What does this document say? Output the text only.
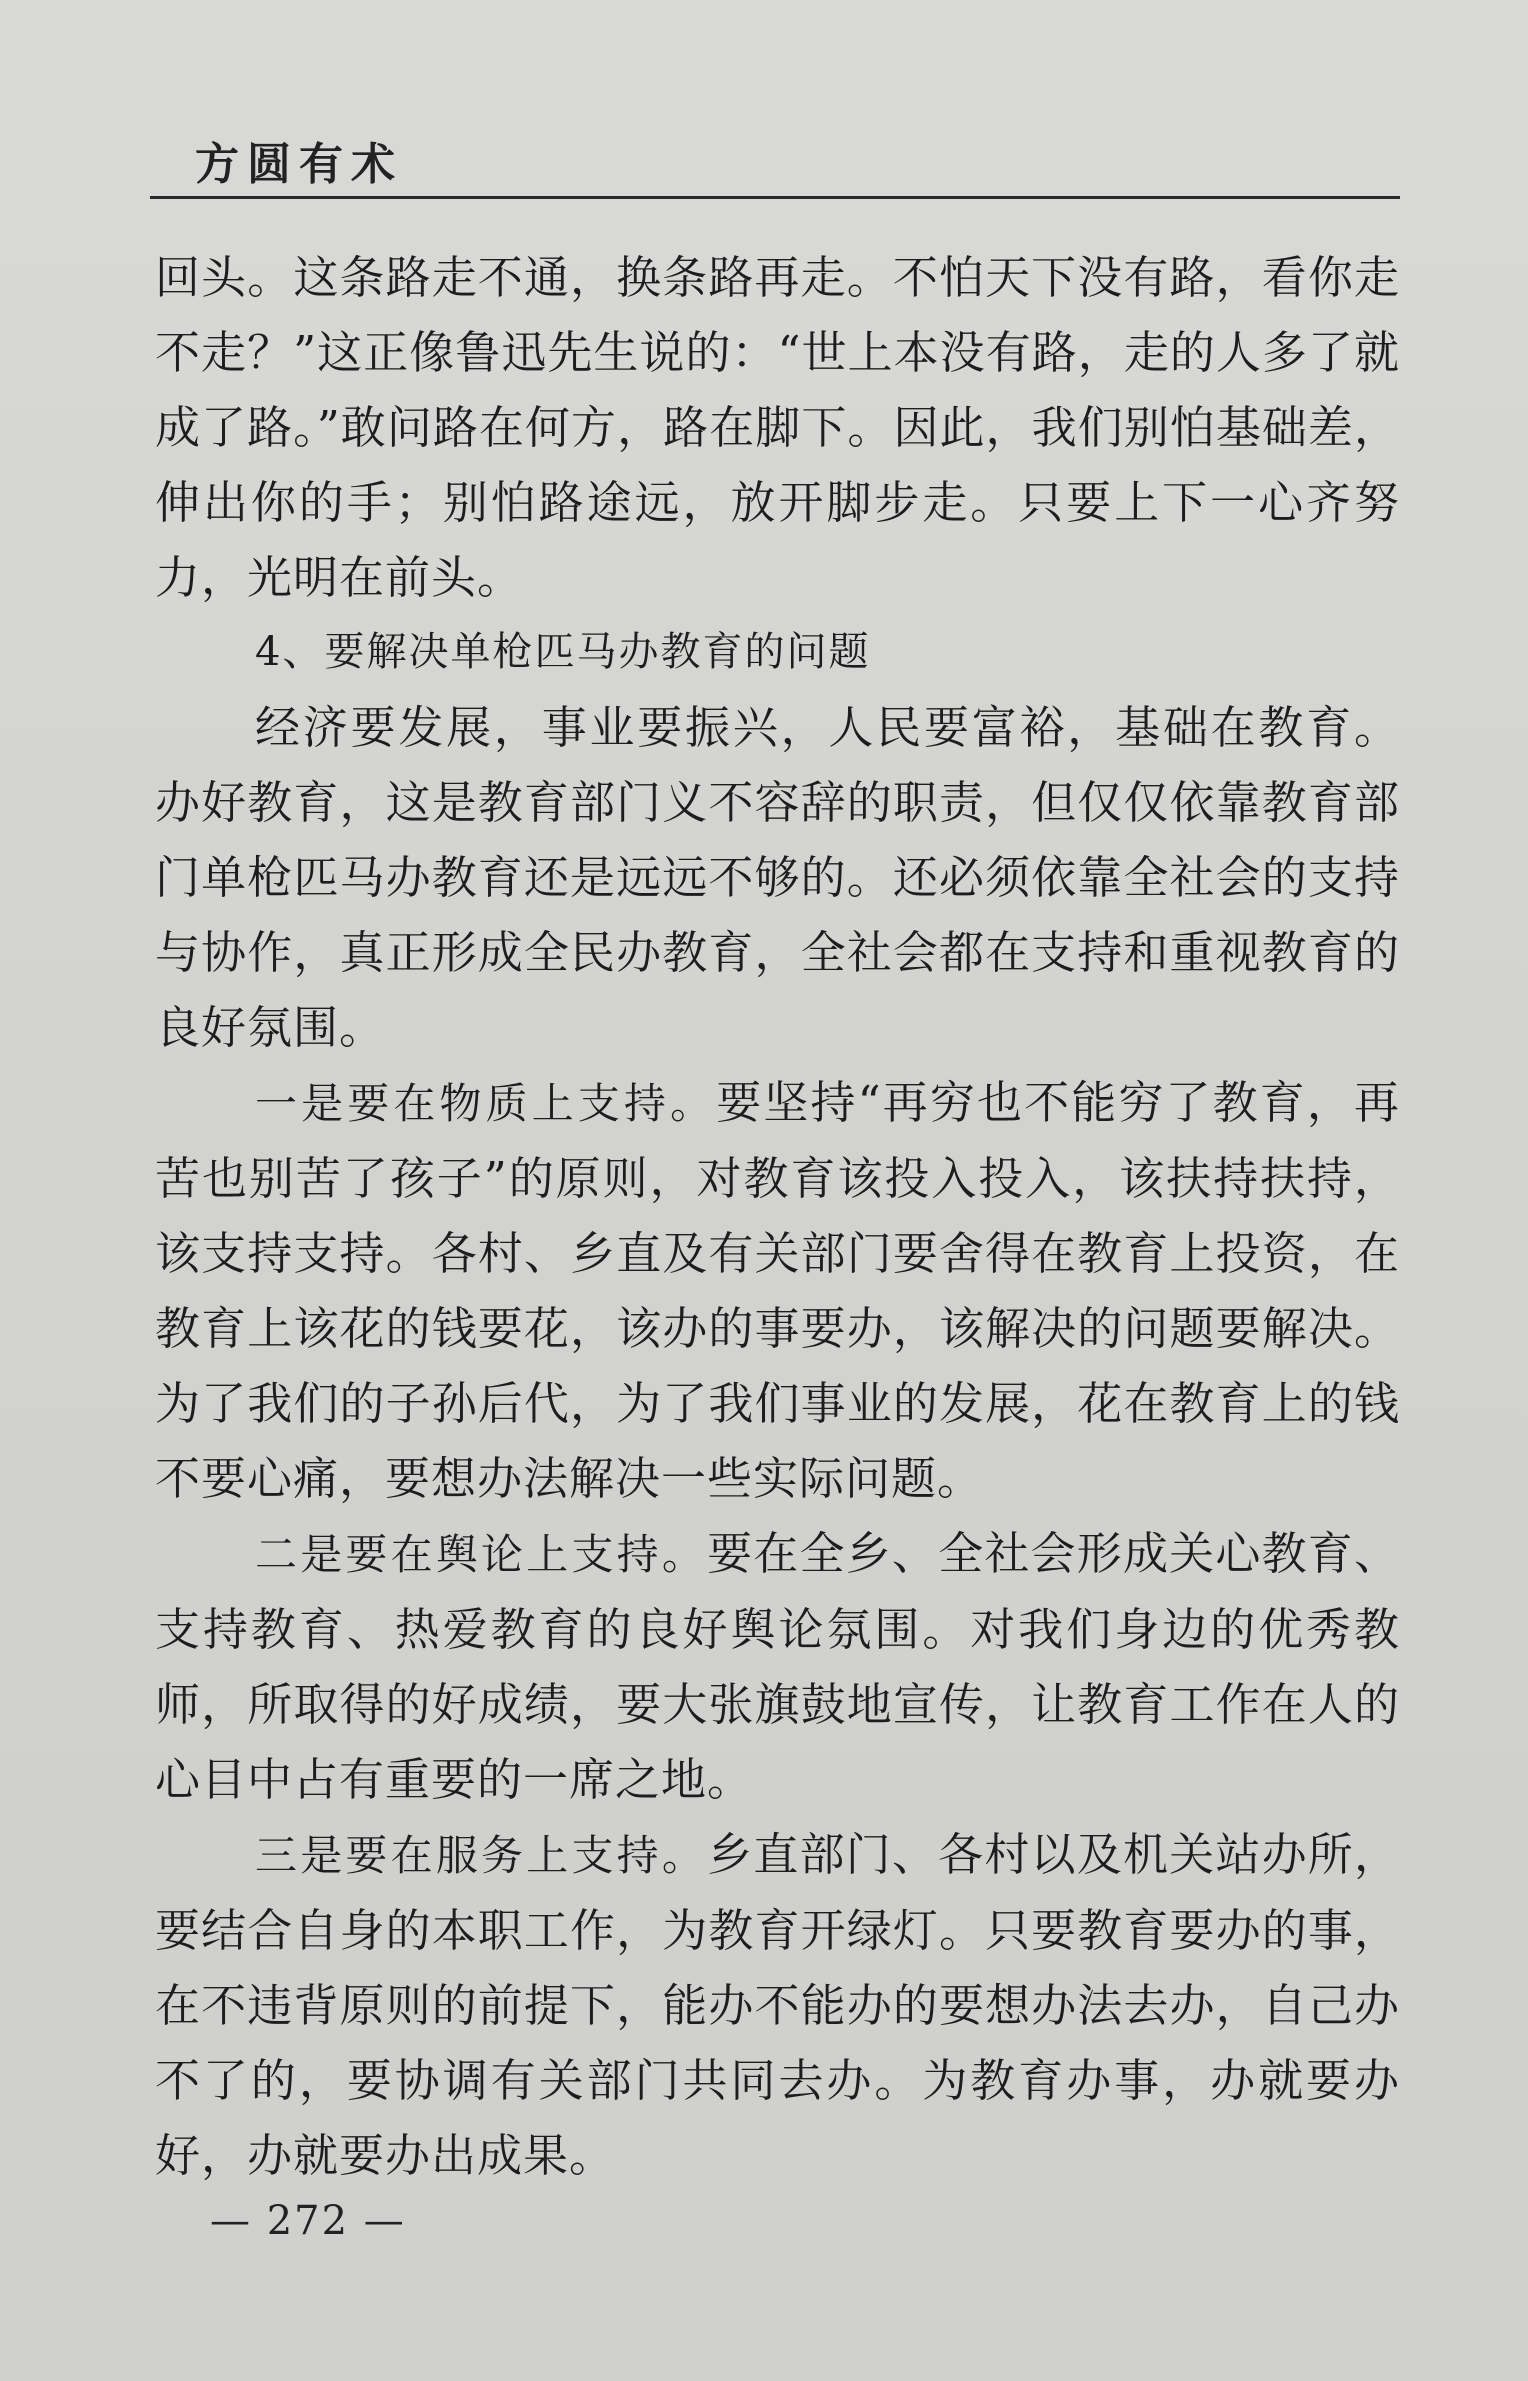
方圆有术

回头。这条路走不通，换条路再走。不怕天下没有路，看你走不走？”这正像鲁迅先生说的：“世上本没有路，走的人多了就成了路。”敢问路在何方，路在脚下。因此，我们别怕基础差，伸出你的手；别怕路途远，放开脚步走。只要上下一心齐努力，光明在前头。

4、要解决单枪匹马办教育的问题

经济要发展，事业要振兴，人民要富裕，基础在教育。办好教育，这是教育部门义不容辞的职责，但仅仅依靠教育部门单枪匹马办教育还是远远不够的。还必须依靠全社会的支持与协作，真正形成全民办教育，全社会都在支持和重视教育的良好氛围。

一是要在物质上支持。要坚持“再穷也不能穷了教育，再苦也别苦了孩子”的原则，对教育该投入投入，该扶持扶持，该支持支持。各村、乡直及有关部门要舍得在教育上投资，在教育上该花的钱要花，该办的事要办，该解决的问题要解决。为了我们的子孙后代，为了我们事业的发展，花在教育上的钱不要心痛，要想办法解决一些实际问题。

二是要在舆论上支持。要在全乡、全社会形成关心教育、支持教育、热爱教育的良好舆论氛围。对我们身边的优秀教师，所取得的好成绩，要大张旗鼓地宣传，让教育工作在人的心目中占有重要的一席之地。

三是要在服务上支持。乡直部门、各村以及机关站办所，要结合自身的本职工作，为教育开绿灯。只要教育要办的事，在不违背原则的前提下，能办不能办的要想办法去办，自己办不了的，要协调有关部门共同去办。为教育办事，办就要办好，办就要办出成果。

— 272 —
